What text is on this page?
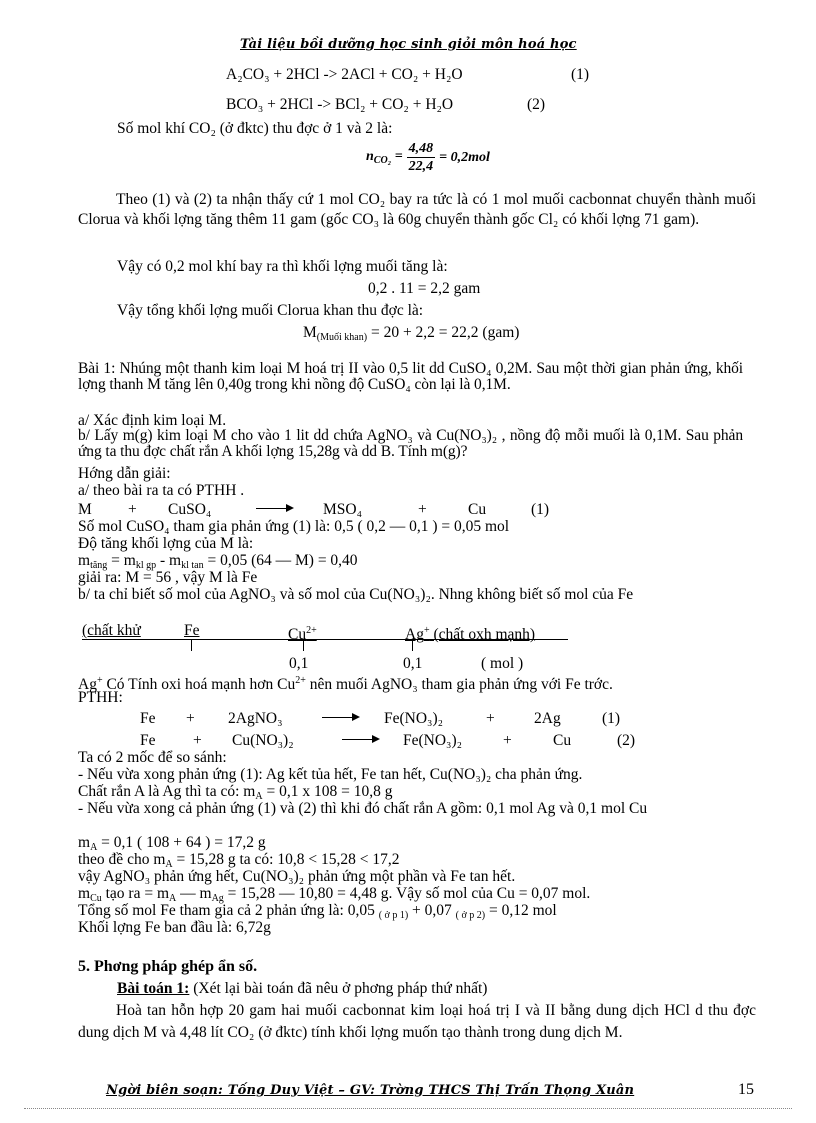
Tài liệu bồi dưỡng học sinh giỏi môn hoá học
A₂CO₃ + 2HCl -> 2ACl + CO₂ + H₂O	(1)
BCO₃ + 2HCl -> BCl₂ + CO₂ + H₂O	(2)
Số mol khí CO₂ (ở đktc) thu đợc ở 1 và 2 là:
$n_{CO_2} = \frac{4,48}{22,4} = 0,2mol$
Theo (1) và (2) ta nhận thấy cứ 1 mol CO₂ bay ra tức là có 1 mol muối cacbonnat chuyển thành muối Clorua và khối lợng tăng thêm 11 gam (gốc CO₃ là 60g chuyển thành gốc Cl₂ có khối lợng 71 gam).
Vậy có 0,2 mol khí bay ra thì khối lợng muối tăng là:
0,2 . 11 = 2,2 gam
Vậy tổng khối lợng muối Clorua khan thu đợc là:
$M_{(Muối khan)} = 20 + 2,2 = 22,2$ (gam)
Bài 1: Nhúng một thanh kim loại M hoá trị II vào 0,5 lit dd CuSO₄ 0,2M. Sau một thời gian phản ứng, khối lợng thanh M tăng lên 0,40g trong khi nồng độ CuSO₄ còn lại là 0,1M.
a/ Xác định kim loại M.
b/ Lấy m(g) kim loại M cho vào 1 lit dd chứa AgNO₃ và Cu(NO₃)₂ , nồng độ mỗi muối là 0,1M. Sau phản ứng ta thu đợc chất rắn A khối lợng 15,28g và dd B. Tính m(g)?
Hớng dẫn giải:
a/ theo bài ra ta có PTHH .
M + CuSO₄	MSO₄	+	Cu	(1)
Số mol CuSO₄ tham gia phản ứng (1) là: 0,5 ( 0,2 — 0,1 ) = 0,05 mol
Độ tăng khối lợng của M là:
$m_{tăng} = m_{kl gp} - m_{kl tan} = 0,05$ (64 — M) = 0,40
giải ra: M = 56 , vậy M là Fe
b/ ta chỉ biết số mol của AgNO₃ và số mol của Cu(NO₃)₂. Nhng không biết số mol của Fe
(chất khử	Fe	$Cu^{2+}$	Ag+ (chất oxh mạnh)
0,1	0,1	( mol )
Ag+ Có Tính oxi hoá mạnh hơn $Cu^{2+}$ nên muối AgNO₃ tham gia phản ứng với Fe trớc.
PTHH:
Fe + 2AgNO₃	Fe(NO₃)₂	+	2Ag	(1)
Fe + Cu(NO₃)₂	Fe(NO₃)₂	+	Cu	(2)
Ta có 2 mốc để so sánh:
- Nếu vừa xong phản ứng (1): Ag kết tủa hết, Fe tan hết, Cu(NO₃)₂ cha phản ứng.
Chất rắn A là Ag thì ta có: $m_A = 0,1$ x 108 = 10,8 g
- Nếu vừa xong cả phản ứng (1) và (2) thì khi đó chất rắn A gồm: 0,1 mol Ag và 0,1 mol Cu
$m_A = 0,1$ ( 108 + 64 ) = 17,2 g
theo đề cho $m_A = 15,28$ g ta có: 10,8 < 15,28 < 17,2
vậy AgNO₃ phản ứng hết, Cu(NO₃)₂ phản ứng một phần và Fe tan hết.
$m_{Cu}$ tạo ra = $m_A$ — $m_{Ag} = 15,28$ — 10,80 = 4,48 g. Vậy số mol của Cu = 0,07 mol.
Tổng số mol Fe tham gia cả 2 phản ứng là: 0,05 $_{( ở p 1)}$ + 0,07 $_{( ở p 2)}$ = 0,12 mol
Khối lợng Fe ban đầu là: 6,72g
5. Phơng pháp ghép ẩn số.
Bài toán 1: (Xét lại bài toán đã nêu ở phơng pháp thứ nhất)
Hoà tan hỗn hợp 20 gam hai muối cacbonnat kim loại hoá trị I và II bằng dung dịch HCl d thu đợc dung dịch M và 4,48 lít CO₂ (ở đktc) tính khối lợng muốn tạo thành trong dung dịch M.
Ngời biên soạn: Tống Duy Việt – GV: Trờng THCS Thị Trấn Thọng Xuân	15
